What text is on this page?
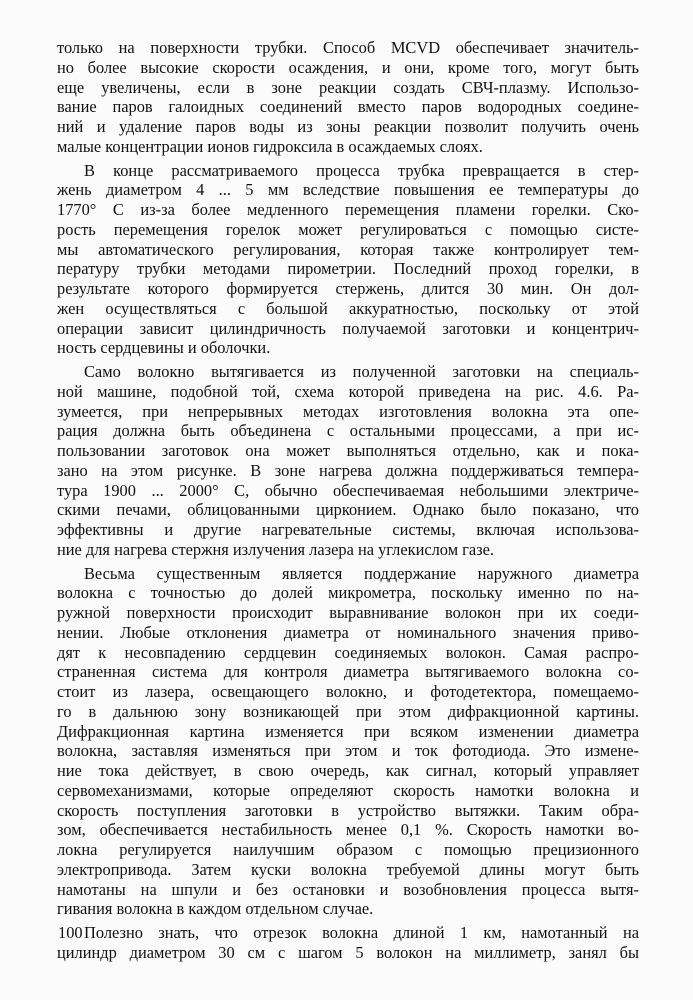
только на поверхности трубки. Способ MCVD обеспечивает значитель-
но более высокие скорости осаждения, и они, кроме того, могут быть
еще увеличены, если в зоне реакции создать СВЧ-плазму. Использо-
вание паров галоидных соединений вместо паров водородных соедине-
ний и удаление паров воды из зоны реакции позволит получить очень
малые концентрации ионов гидроксила в осаждаемых слоях.
В конце рассматриваемого процесса трубка превращается в стер-
жень диаметром 4 ... 5 мм вследствие повышения ее температуры до
1770° С из-за более медленного перемещения пламени горелки. Ско-
рость перемещения горелок может регулироваться с помощью систе-
мы автоматического регулирования, которая также контролирует тем-
пературу трубки методами пирометрии. Последний проход горелки, в
результате которого формируется стержень, длится 30 мин. Он дол-
жен осуществляться с большой аккуратностью, поскольку от этой
операции зависит цилиндричность получаемой заготовки и концентрич-
ность сердцевины и оболочки.
Само волокно вытягивается из полученной заготовки на специаль-
ной машине, подобной той, схема которой приведена на рис. 4.6. Ра-
зумеется, при непрерывных методах изготовления волокна эта опе-
рация должна быть объединена с остальными процессами, а при ис-
пользовании заготовок она может выполняться отдельно, как и пока-
зано на этом рисунке. В зоне нагрева должна поддерживаться темпера-
тура 1900 ... 2000° С, обычно обеспечиваемая небольшими электриче-
скими печами, облицованными цирконием. Однако было показано, что
эффективны и другие нагревательные системы, включая использова-
ние для нагрева стержня излучения лазера на углекислом газе.
Весьма существенным является поддержание наружного диаметра
волокна с точностью до долей микрометра, поскольку именно по на-
ружной поверхности происходит выравнивание волокон при их соеди-
нении. Любые отклонения диаметра от номинального значения приво-
дят к несовпадению сердцевин соединяемых волокон. Самая распро-
страненная система для контроля диаметра вытягиваемого волокна со-
стоит из лазера, освещающего волокно, и фотодетектора, помещаемо-
го в дальнюю зону возникающей при этом дифракционной картины.
Дифракционная картина изменяется при всяком изменении диаметра
волокна, заставляя изменяться при этом и ток фотодиода. Это измене-
ние тока действует, в свою очередь, как сигнал, который управляет
сервомеханизмами, которые определяют скорость намотки волокна и
скорость поступления заготовки в устройство вытяжки. Таким обра-
зом, обеспечивается нестабильность менее 0,1 %. Скорость намотки во-
локна регулируется наилучшим образом с помощью прецизионного
электропривода. Затем куски волокна требуемой длины могут быть
намотаны на шпули и без остановки и возобновления процесса вытя-
гивания волокна в каждом отдельном случае.
Полезно знать, что отрезок волокна длиной 1 км, намотанный на
цилиндр диаметром 30 см с шагом 5 волокон на миллиметр, занял бы
100
